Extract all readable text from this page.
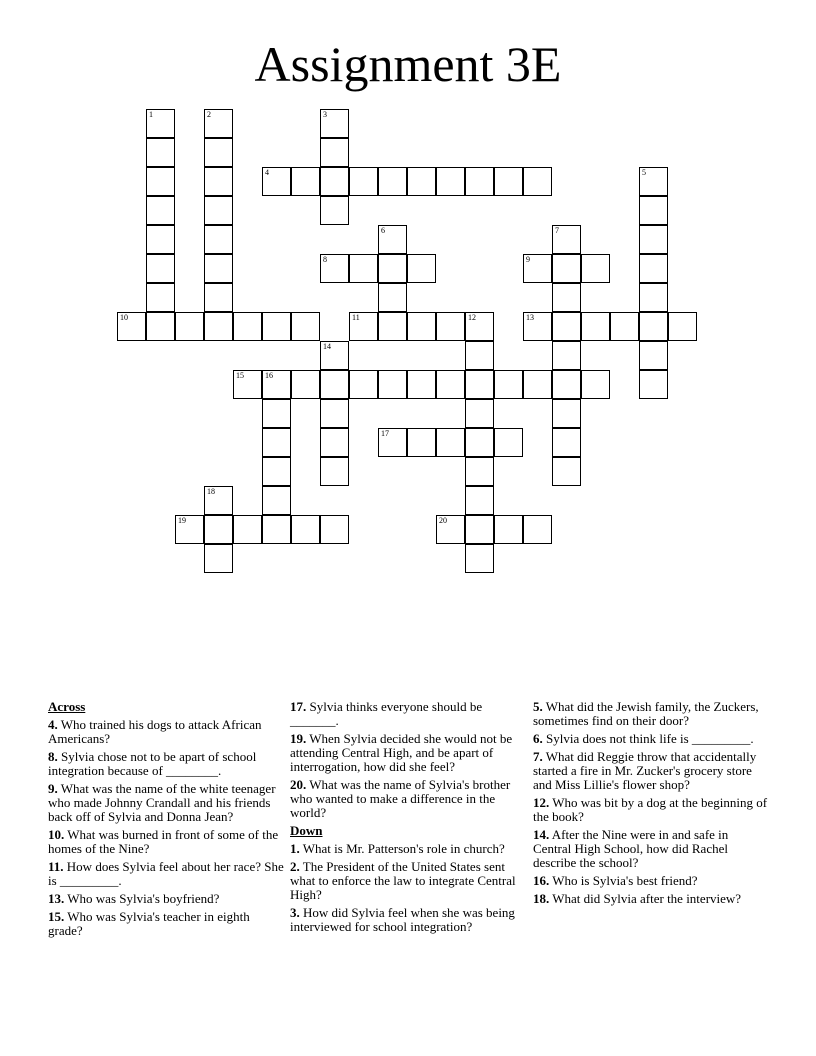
Assignment 3E
1	2	3
4	5
6	7
8	9
10	11	12	13
14
15	16
17
18
19	20
Across
4. Who trained his dogs to attack African Americans?
8. Sylvia chose not to be apart of school integration because of ________.
9. What was the name of the white teenager who made Johnny Crandall and his friends back off of Sylvia and Donna Jean?
10. What was burned in front of some of the homes of the Nine?
11. How does Sylvia feel about her race? She is _________.
13. Who was Sylvia's boyfriend?
15. Who was Sylvia's teacher in eighth grade?
17. Sylvia thinks everyone should be _______.
19. When Sylvia decided she would not be attending Central High, and be apart of interrogation, how did she feel?
20. What was the name of Sylvia's brother who wanted to make a difference in the world?
Down
1. What is Mr. Patterson's role in church?
2. The President of the United States sent what to enforce the law to integrate Central High?
3. How did Sylvia feel when she was being interviewed for school integration?
5. What did the Jewish family, the Zuckers, sometimes find on their door?
6. Sylvia does not think life is _________.
7. What did Reggie throw that accidentally started a fire in Mr. Zucker's grocery store and Miss Lillie's flower shop?
12. Who was bit by a dog at the beginning of the book?
14. After the Nine were in and safe in Central High School, how did Rachel describe the school?
16. Who is Sylvia's best friend?
18. What did Sylvia after the interview?
